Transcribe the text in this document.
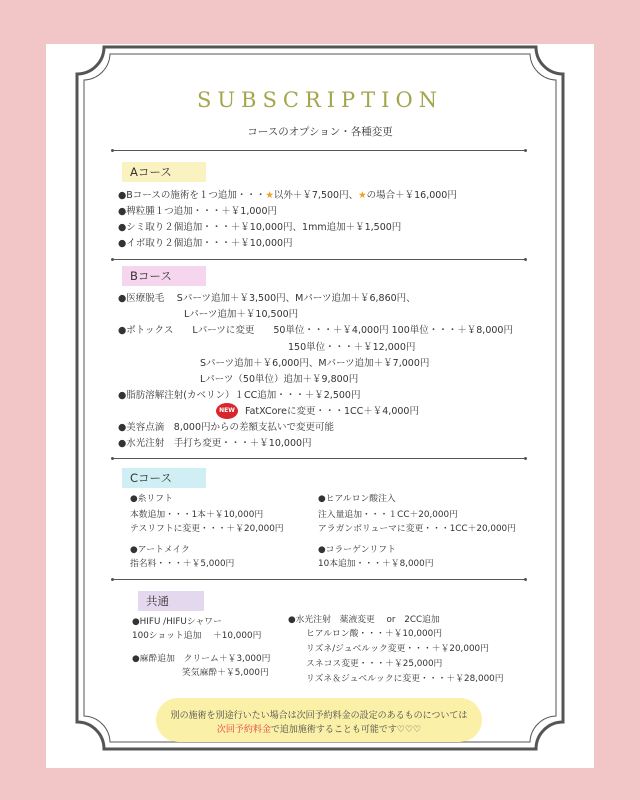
SUBSCRIPTION
コースのオプション・各種変更
Aコース
●Bコースの施術を１つ追加・・・★以外＋￥7,500円、★の場合＋￥16,000円
●稗粒腫１つ追加・・・＋￥1,000円
●シミ取り２個追加・・・＋￥10,000円、1mm追加＋￥1,500円
●イボ取り２個追加・・・＋￥10,000円
Bコース
●医療脱毛　 Sパーツ追加＋￥3,500円、Mパーツ追加＋￥6,860円、
Lパーツ追加＋￥10,500円
●ボトックス　　Lパーツに変更　　50単位・・・＋￥4,000円 100単位・・・＋￥8,000円
150単位・・・＋￥12,000円
Sパーツ追加＋￥6,000円、Mパーツ追加＋￥7,000円
Lパーツ（50単位）追加＋￥9,800円
●脂肪溶解注射(カベリン）１CC追加・・・＋￥2,500円
NEW	FatXCoreに変更・・・1CC＋￥4,000円
●美容点滴　8,000円からの差額支払いで変更可能
●水光注射　手打ち変更・・・＋￥10,000円
Cコース
●糸リフト
本数追加・・・1本＋￥10,000円
テスリフトに変更・・・＋￥20,000円
●アートメイク
指名料・・・＋￥5,000円
●ヒアルロン酸注入
注入量追加・・・１CC＋20,000円
アラガンボリューマに変更・・・1CC＋20,000円
●コラーゲンリフト
10本追加・・・＋￥8,000円
共通
●HIFU /HIFUシャワー
100ショット追加　 ＋10,000円
●麻酔追加　クリーム＋￥3,000円
笑気麻酔＋￥5,000円
●水光注射　薬液変更　 or　2CC追加
ヒアルロン酸・・・＋￥10,000円
リズネ/ジュベルック変更・・・＋￥20,000円
スネコス変更・・・＋￥25,000円
リズネ＆ジュベルックに変更・・・＋￥28,000円
別の施術を別途行いたい場合は次回予約料金の設定のあるものについては
次回予約料金で追加施術することも可能です♡♡♡
